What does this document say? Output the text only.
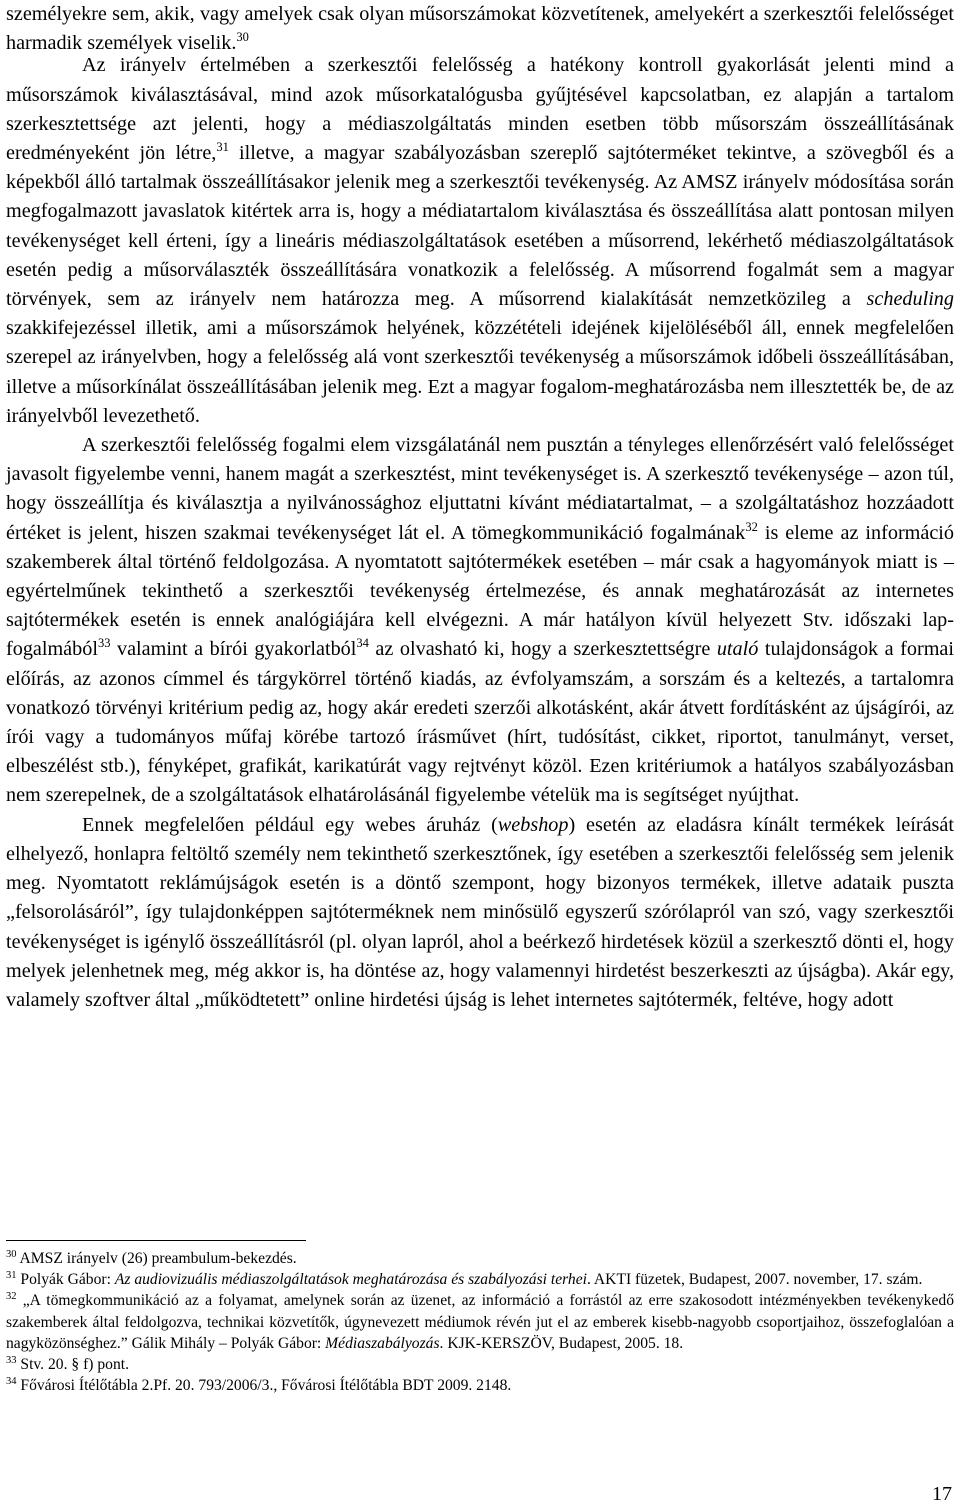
személyekre sem, akik, vagy amelyek csak olyan műsorszámokat közvetítenek, amelyekért a szerkesztői felelősséget harmadik személyek viselik.$^{30}$

Az irányelv értelmében a szerkesztői felelősség a hatékony kontroll gyakorlását jelenti mind a műsorszámok kiválasztásával, mind azok műsorkatalógusba gyűjtésével kapcsolatban, ez alapján a tartalom szerkesztettsége azt jelenti, hogy a médiaszolgáltatás minden esetben több műsorszám összeállításának eredményeként jön létre,$^{31}$ illetve, a magyar szabályozásban szereplő sajtóterméket tekintve, a szövegből és a képekből álló tartalmak összeállításakor jelenik meg a szerkesztői tevékenység. Az AMSZ irányelv módosítása során megfogalmazott javaslatok kitértek arra is, hogy a médiatartalom kiválasztása és összeállítása alatt pontosan milyen tevékenységet kell érteni, így a lineáris médiaszolgáltatások esetében a műsorrend, lekérhető médiaszolgáltatások esetén pedig a műsorválaszték összeállítására vonatkozik a felelősség. A műsorrend fogalmát sem a magyar törvények, sem az irányelv nem határozza meg. A műsorrend kialakítását nemzetközileg a scheduling szakkifejezéssel illetik, ami a műsorszámok helyének, közzétételi idejének kijelöléséből áll, ennek megfelelően szerepel az irányelvben, hogy a felelősség alá vont szerkesztői tevékenység a műsorszámok időbeli összeállításában, illetve a műsorkínálat összeállításában jelenik meg. Ezt a magyar fogalom-meghatározásba nem illesztették be, de az irányelvből levezethető.

A szerkesztői felelősség fogalmi elem vizsgálatánál nem pusztán a tényleges ellenőrzésért való felelősséget javasolt figyelembe venni, hanem magát a szerkesztést, mint tevékenységet is. A szerkesztő tevékenysége – azon túl, hogy összeállítja és kiválasztja a nyilvánossághoz eljuttatni kívánt médiatartalmat, – a szolgáltatáshoz hozzáadott értéket is jelent, hiszen szakmai tevékenységet lát el. A tömegkommunikáció fogalmának$^{32}$ is eleme az információ szakemberek által történő feldolgozása. A nyomtatott sajtótermékek esetében – már csak a hagyományok miatt is – egyértelműnek tekinthető a szerkesztői tevékenység értelmezése, és annak meghatározását az internetes sajtótermékek esetén is ennek analógiájára kell elvégezni. A már hatályon kívül helyezett Stv. időszaki lap-fogalmából$^{33}$ valamint a bírói gyakorlatból$^{34}$ az olvasható ki, hogy a szerkesztettségre utaló tulajdonságok a formai előírás, az azonos címmel és tárgykörrel történő kiadás, az évfolyamszám, a sorszám és a keltezés, a tartalomra vonatkozó törvényi kritérium pedig az, hogy akár eredeti szerzői alkotásként, akár átvett fordításként az újságírói, az írói vagy a tudományos műfaj körébe tartozó írásművet (hírt, tudósítást, cikket, riportot, tanulmányt, verset, elbeszélést stb.), fényképet, grafikát, karikatúrát vagy rejtvényt közöl. Ezen kritériumok a hatályos szabályozásban nem szerepelnek, de a szolgáltatások elhatárolásánál figyelembe vételük ma is segítséget nyújthat.

Ennek megfelelően például egy webes áruház (webshop) esetén az eladásra kínált termékek leírását elhelyező, honlapra feltöltő személy nem tekinthető szerkesztőnek, így esetében a szerkesztői felelősség sem jelenik meg. Nyomtatott reklámújságok esetén is a döntő szempont, hogy bizonyos termékek, illetve adataik puszta „felsorolásáról”, így tulajdonképpen sajtóterméknek nem minősülő egyszerű szórólapról van szó, vagy szerkesztői tevékenységet is igénylő összeállításról (pl. olyan lapról, ahol a beérkező hirdetések közül a szerkesztő dönti el, hogy melyek jelenhetnek meg, még akkor is, ha döntése az, hogy valamennyi hirdetést beszerkeszti az újságba). Akár egy, valamely szoftver által „működtetett” online hirdetési újság is lehet internetes sajtótermék, feltéve, hogy adott

$^{30}$ AMSZ irányelv (26) preambulum-bekezdés.

$^{31}$ Polyák Gábor: Az audiovizuális médiaszolgáltatások meghatározása és szabályozási terhei. AKTI füzetek, Budapest, 2007. november, 17. szám.

$^{32}$ „A tömegkommunikáció az a folyamat, amelynek során az üzenet, az információ a forrástól az erre szakosodott intézményekben tevékenykedő szakemberek által feldolgozva, technikai közvetítők, úgynevezett médiumok révén jut el az emberek kisebb-nagyobb csoportjaihoz, összefoglalóan a nagyközönséghez.” Gálik Mihály – Polyák Gábor: Médiaszabályozás. KJK-KERSZÖV, Budapest, 2005. 18.

$^{33}$ Stv. 20. § f) pont.

$^{34}$ Fővárosi Ítélőtábla 2.Pf. 20. 793/2006/3., Fővárosi Ítélőtábla BDT 2009. 2148.

17
